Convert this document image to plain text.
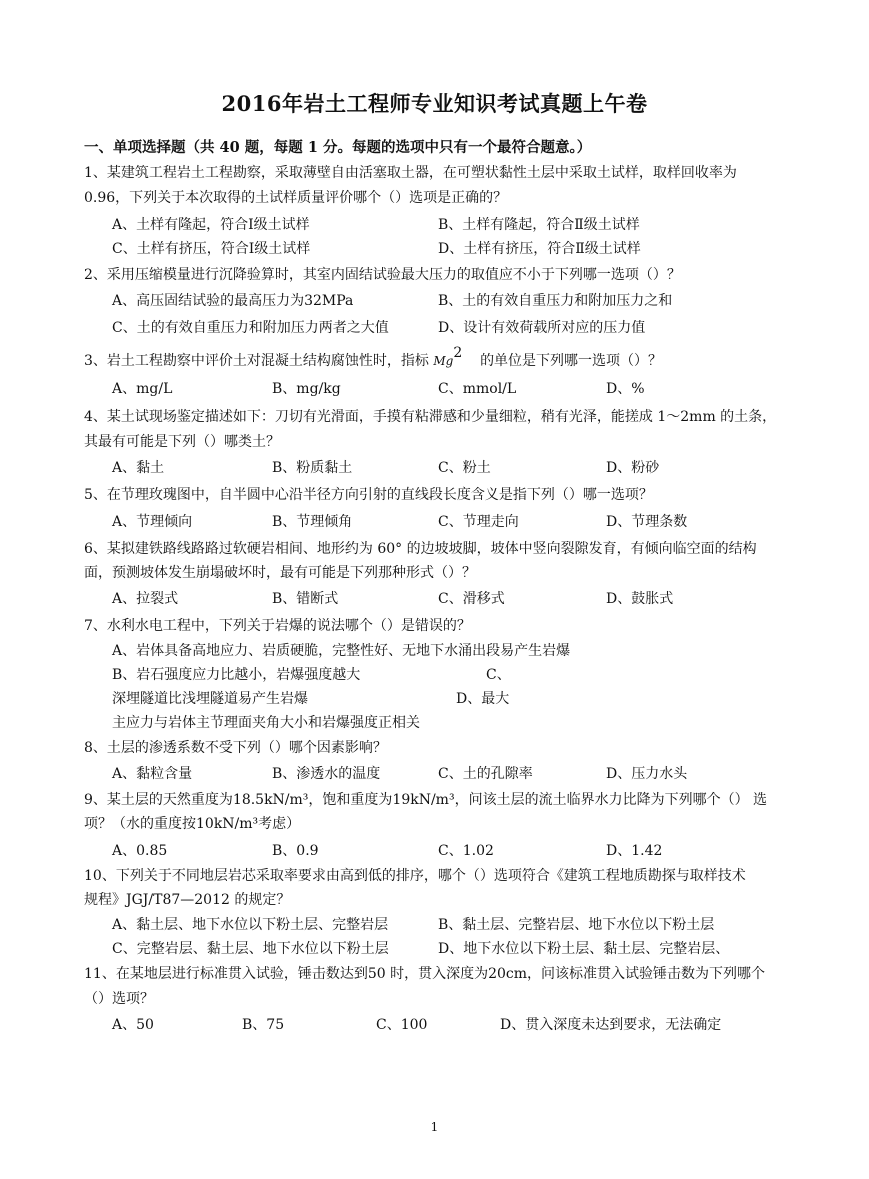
2016年岩土工程师专业知识考试真题上午卷
一、单项选择题（共 40 题，每题 1 分。每题的选项中只有一个最符合题意。）
1、某建筑工程岩土工程勘察，采取薄壁自由活塞取土器，在可塑状黏性土层中采取土试样，取样回收率为
0.96，下列关于本次取得的土试样质量评价哪个（）选项是正确的？
A、土样有隆起，符合Ⅰ级土试样	B、土样有隆起，符合Ⅱ级土试样
C、土样有挤压，符合Ⅰ级土试样	D、土样有挤压，符合Ⅱ级土试样
2、采用压缩模量进行沉降验算时，其室内固结试验最大压力的取值应不小于下列哪一选项（）？
A、高压固结试验的最高压力为32MPa	B、土的有效自重压力和附加压力之和
C、土的有效自重压力和附加压力两者之大值	D、设计有效荷载所对应的压力值
3、岩土工程勘察中评价土对混凝土结构腐蚀性时，指标 Mg$^2$ 的单位是下列哪一选项（）？
A、mg/L	B、mg/kg	C、mmol/L	D、%
4、某土试现场鉴定描述如下：刀切有光滑面，手摸有粘滞感和少量细粒，稍有光泽，能搓成 1～2mm 的土条，
其最有可能是下列（）哪类土？
A、黏土	B、粉质黏土	C、粉土	D、粉砂
5、在节理玫瑰图中，自半圆中心沿半径方向引射的直线段长度含义是指下列（）哪一选项？
A、节理倾向	B、节理倾角	C、节理走向	D、节理条数
6、某拟建铁路线路路过软硬岩相间、地形约为 60° 的边坡坡脚，坡体中竖向裂隙发育，有倾向临空面的结构
面，预测坡体发生崩塌破坏时，最有可能是下列那种形式（）？
A、拉裂式	B、错断式	C、滑移式	D、鼓胀式
7、水利水电工程中，下列关于岩爆的说法哪个（）是错误的？
A、岩体具备高地应力、岩质硬脆，完整性好、无地下水涌出段易产生岩爆
B、岩石强度应力比越小，岩爆强度越大	C、
深埋隧道比浅埋隧道易产生岩爆	D、最大
主应力与岩体主节理面夹角大小和岩爆强度正相关
8、土层的渗透系数不受下列（）哪个因素影响？
A、黏粒含量	B、渗透水的温度	C、土的孔隙率	D、压力水头
9、某土层的天然重度为18.5kN/m³，饱和重度为19kN/m³，问该土层的流土临界水力比降为下列哪个（） 选
项？（水的重度按10kN/m³考虑）
A、0.85	B、0.9	C、1.02	D、1.42
10、下列关于不同地层岩芯采取率要求由高到低的排序，哪个（）选项符合《建筑工程地质勘探与取样技术
规程》JGJ/T87—2012 的规定？
A、黏土层、地下水位以下粉土层、完整岩层	B、黏土层、完整岩层、地下水位以下粉土层
C、完整岩层、黏土层、地下水位以下粉土层	D、地下水位以下粉土层、黏土层、完整岩层、
11、在某地层进行标准贯入试验，锤击数达到50 时，贯入深度为20cm，问该标准贯入试验锤击数为下列哪个
（）选项？
A、50	B、75	C、100	D、贯入深度未达到要求，无法确定
1
